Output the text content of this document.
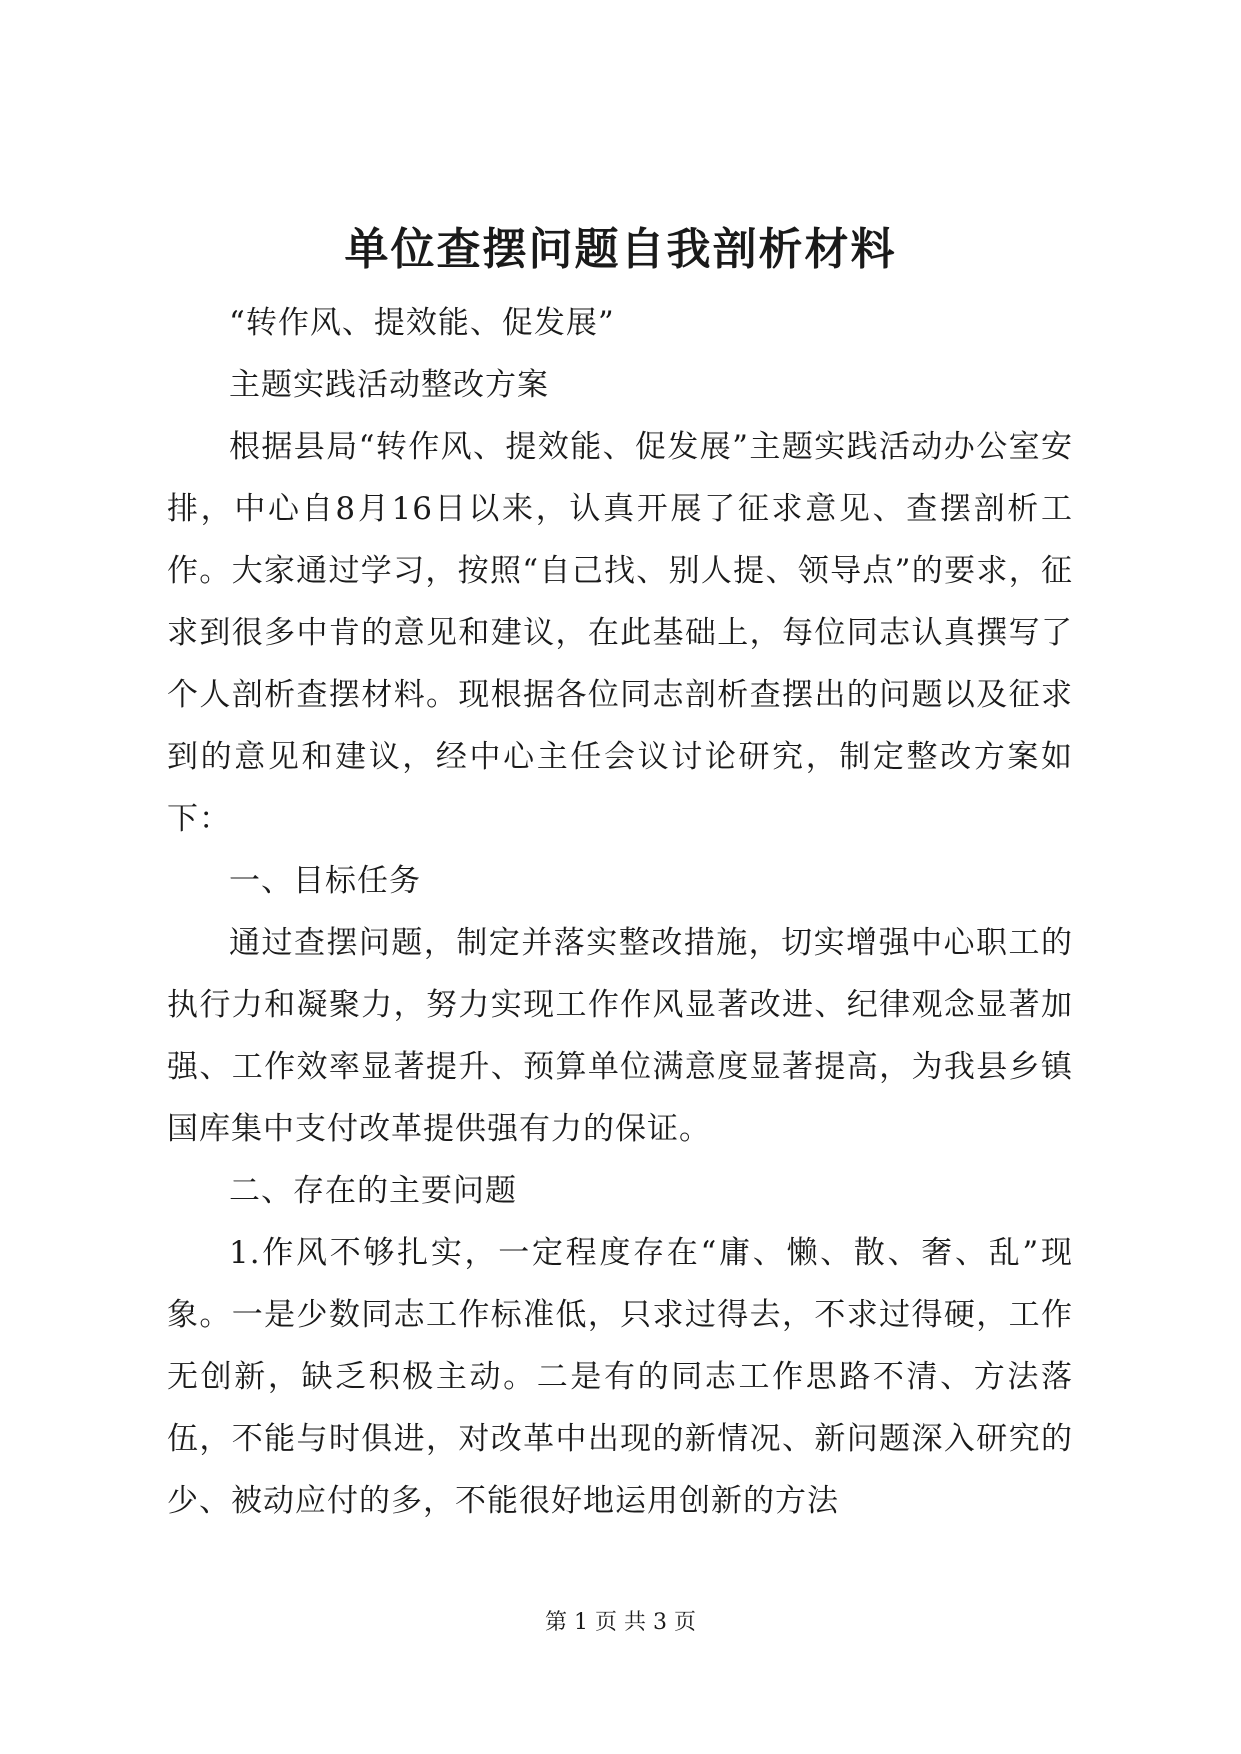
单位查摆问题自我剖析材料

“转作风、提效能、促发展”

主题实践活动整改方案

根据县局“转作风、提效能、促发展”主题实践活动办公室安排，中心自8月16日以来，认真开展了征求意见、查摆剖析工作。大家通过学习，按照“自己找、别人提、领导点”的要求，征求到很多中肯的意见和建议，在此基础上，每位同志认真撰写了个人剖析查摆材料。现根据各位同志剖析查摆出的问题以及征求到的意见和建议，经中心主任会议讨论研究，制定整改方案如下：

一、目标任务

通过查摆问题，制定并落实整改措施，切实增强中心职工的执行力和凝聚力，努力实现工作作风显著改进、纪律观念显著加强、工作效率显著提升、预算单位满意度显著提高，为我县乡镇国库集中支付改革提供强有力的保证。

二、存在的主要问题

1.作风不够扎实，一定程度存在“庸、懒、散、奢、乱”现象。一是少数同志工作标准低，只求过得去，不求过得硬，工作无创新，缺乏积极主动。二是有的同志工作思路不清、方法落伍，不能与时俱进，对改革中出现的新情况、新问题深入研究的少、被动应付的多，不能很好地运用创新的方法

第 1 页 共 3 页
